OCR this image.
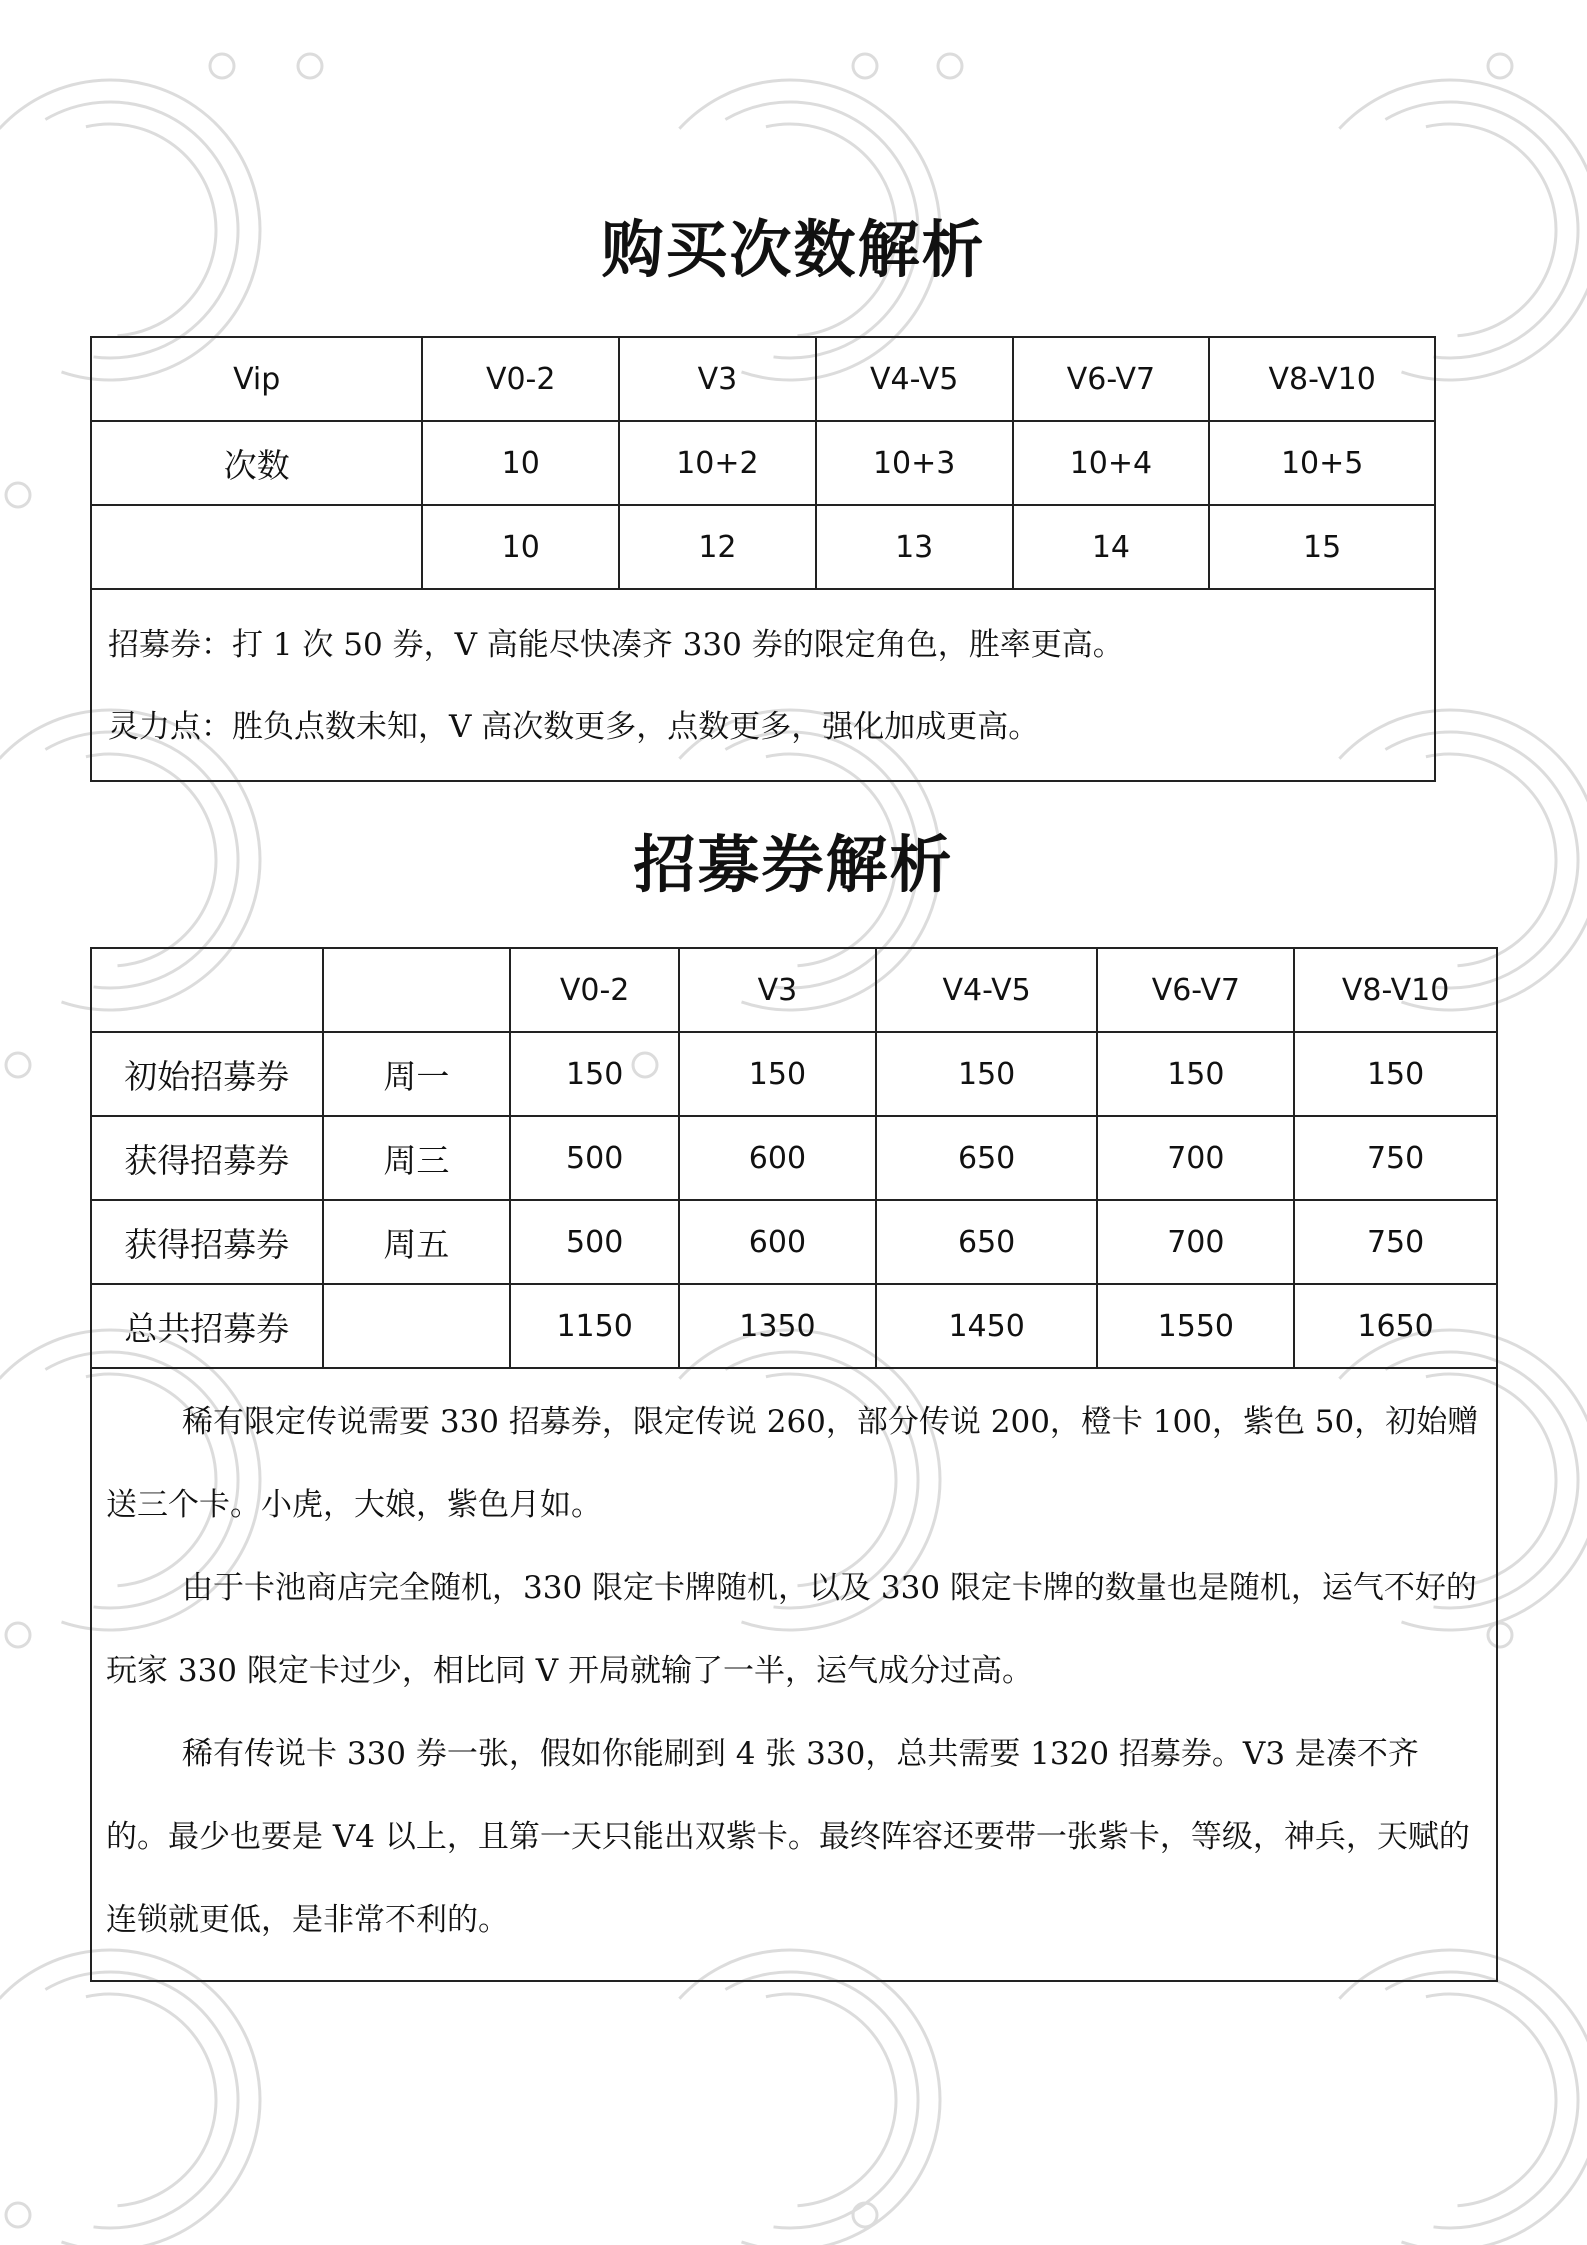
购买次数解析
Vip	V0-2	V3	V4-V5	V6-V7	V8-V10
次数	10	10+2	10+3	10+4	10+5
	10	12	13	14	15

招募券：打 1 次 50 券，V 高能尽快凑齐 330 券的限定角色，胜率更高。

灵力点：胜负点数未知，V 高次数更多，点数更多，强化加成更高。					

招募券解析
		V0-2	V3	V4-V5	V6-V7	V8-V10
初始招募券	周一	150	150	150	150	150
获得招募券	周三	500	600	650	700	750
获得招募券	周五	500	600	650	700	750
总共招募券		1150	1350	1450	1550	1650

稀有限定传说需要 330 招募券，限定传说 260，部分传说 200，橙卡 100，紫色 50，初始赠送三个卡。小虎，大娘，紫色月如。

由于卡池商店完全随机，330 限定卡牌随机，以及 330 限定卡牌的数量也是随机，运气不好的玩家 330 限定卡过少，相比同 V 开局就输了一半，运气成分过高。

稀有传说卡 330 券一张，假如你能刷到 4 张 330，总共需要 1320 招募券。V3 是凑不齐的。最少也要是 V4 以上，且第一天只能出双紫卡。最终阵容还要带一张紫卡，等级，神兵，天赋的连锁就更低，是非常不利的。						
